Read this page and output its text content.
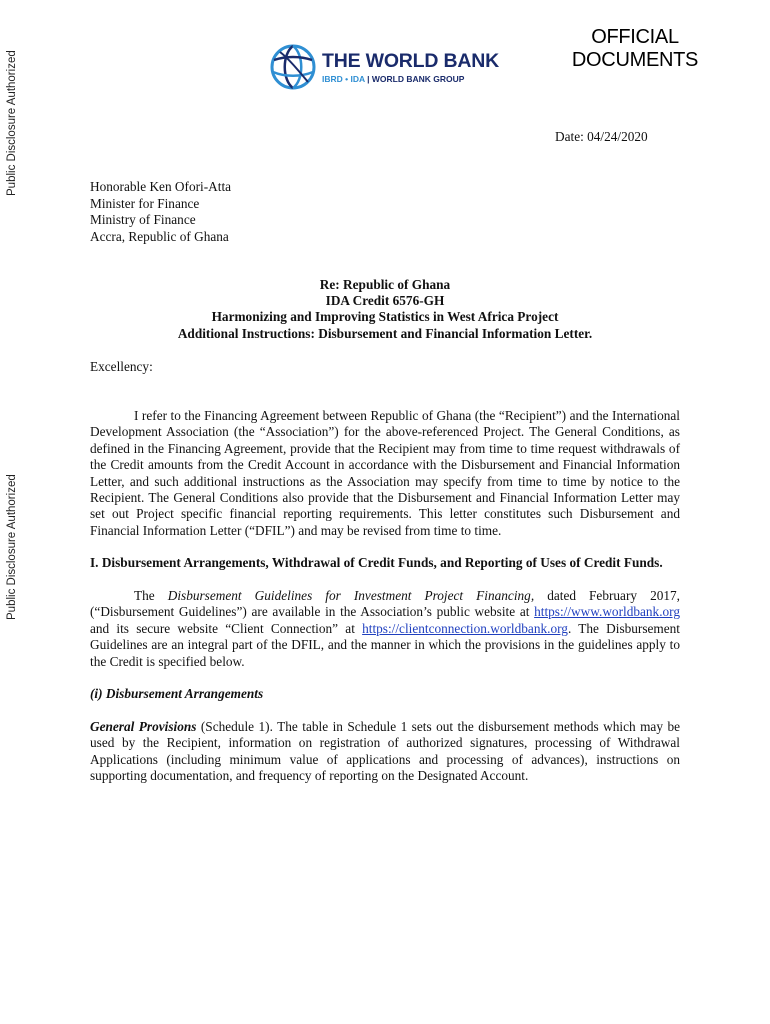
Public Disclosure Authorized
Public Disclosure Authorized
THE WORLD BANK
IBRD • IDA | WORLD BANK GROUP
OFFICIAL
DOCUMENTS
Date: 04/24/2020
Honorable Ken Ofori-Atta
Minister for Finance
Ministry of Finance
Accra, Republic of Ghana
Re: Republic of Ghana
IDA Credit 6576-GH
Harmonizing and Improving Statistics in West Africa Project
Additional Instructions: Disbursement and Financial Information Letter.
Excellency:
I refer to the Financing Agreement between Republic of Ghana (the “Recipient”) and the International Development Association (the “Association”) for the above-referenced Project. The General Conditions, as defined in the Financing Agreement, provide that the Recipient may from time to time request withdrawals of the Credit amounts from the Credit Account in accordance with the Disbursement and Financial Information Letter, and such additional instructions as the Association may specify from time to time by notice to the Recipient. The General Conditions also provide that the Disbursement and Financial Information Letter may set out Project specific financial reporting requirements. This letter constitutes such Disbursement and Financial Information Letter (“DFIL”) and may be revised from time to time.
I. Disbursement Arrangements, Withdrawal of Credit Funds, and Reporting of Uses of Credit Funds.
The Disbursement Guidelines for Investment Project Financing, dated February 2017, (“Disbursement Guidelines”) are available in the Association’s public website at https://www.worldbank.org and its secure website “Client Connection” at https://clientconnection.worldbank.org. The Disbursement Guidelines are an integral part of the DFIL, and the manner in which the provisions in the guidelines apply to the Credit is specified below.
(i) Disbursement Arrangements
General Provisions (Schedule 1). The table in Schedule 1 sets out the disbursement methods which may be used by the Recipient, information on registration of authorized signatures, processing of Withdrawal Applications (including minimum value of applications and processing of advances), instructions on supporting documentation, and frequency of reporting on the Designated Account.
